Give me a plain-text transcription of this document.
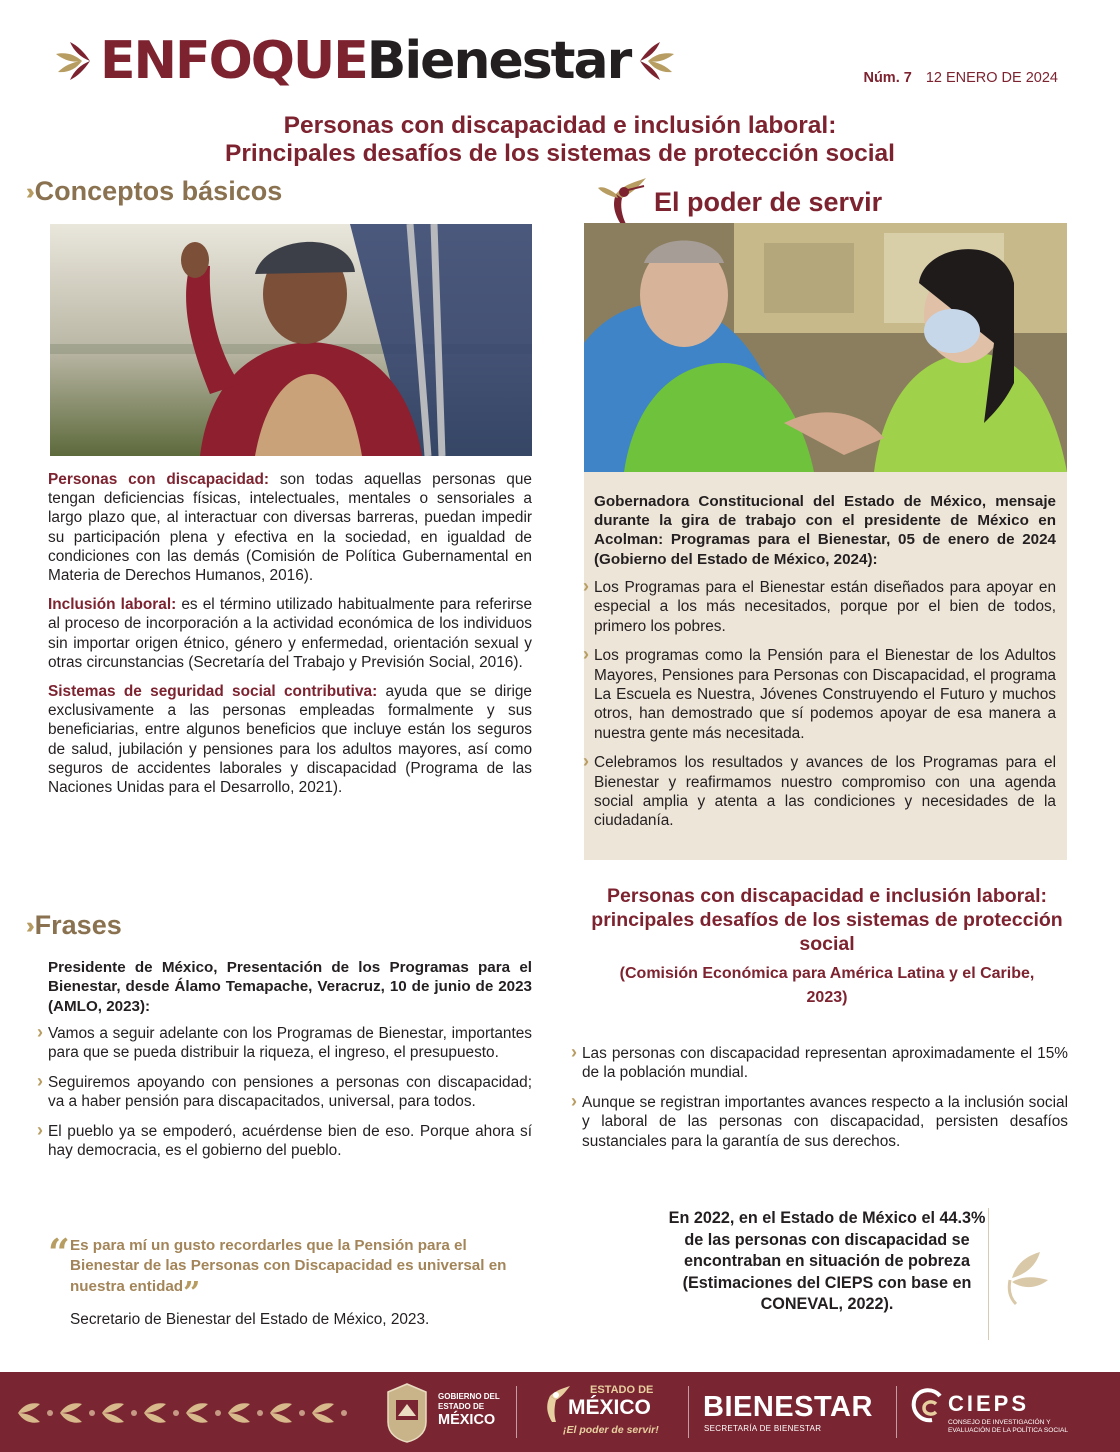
ENFOQUEBienestar	Núm. 7 12 ENERO DE 2024
Personas con discapacidad e inclusión laboral:
Principales desafíos de los sistemas de protección social
›› Conceptos básicos
Personas con discapacidad: son todas aquellas personas que tengan deficiencias físicas, intelectuales, mentales o sensoriales a largo plazo que, al interactuar con diversas barreras, puedan impedir su participación plena y efectiva en la sociedad, en igualdad de condiciones con las demás (Comisión de Política Gubernamental en Materia de Derechos Humanos, 2016).
Inclusión laboral: es el término utilizado habitualmente para referirse al proceso de incorporación a la actividad económica de los individuos sin importar origen étnico, género y enfermedad, orientación sexual y otras circunstancias (Secretaría del Trabajo y Previsión Social, 2016).
Sistemas de seguridad social contributiva: ayuda que se dirige exclusivamente a las personas empleadas formalmente y sus beneficiarias, entre algunos beneficios que incluye están los seguros de salud, jubilación y pensiones para los adultos mayores, así como seguros de accidentes laborales y discapacidad (Programa de las Naciones Unidas para el Desarrollo, 2021).
›› Frases
Presidente de México, Presentación de los Programas para el Bienestar, desde Álamo Temapache, Veracruz, 10 de junio de 2023 (AMLO, 2023):
› Vamos a seguir adelante con los Programas de Bienestar, importantes para que se pueda distribuir la riqueza, el ingreso, el presupuesto.
› Seguiremos apoyando con pensiones a personas con discapacidad; va a haber pensión para discapacitados, universal, para todos.
› El pueblo ya se empoderó, acuérdense bien de eso. Porque ahora sí hay democracia, es el gobierno del pueblo.
“ Es para mí un gusto recordarles que la Pensión para el Bienestar de las Personas con Discapacidad es universal en nuestra entidad”
Secretario de Bienestar del Estado de México, 2023.
El poder de servir
Gobernadora Constitucional del Estado de México, mensaje durante la gira de trabajo con el presidente de México en Acolman: Programas para el Bienestar, 05 de enero de 2024 (Gobierno del Estado de México, 2024):
› Los Programas para el Bienestar están diseñados para apoyar en especial a los más necesitados, porque por el bien de todos, primero los pobres.
› Los programas como la Pensión para el Bienestar de los Adultos Mayores, Pensiones para Personas con Discapacidad, el programa La Escuela es Nuestra, Jóvenes Construyendo el Futuro y muchos otros, han demostrado que sí podemos apoyar de esa manera a nuestra gente más necesitada.
› Celebramos los resultados y avances de los Programas para el Bienestar y reafirmamos nuestro compromiso con una agenda social amplia y atenta a las condiciones y necesidades de la ciudadanía.
Personas con discapacidad e inclusión laboral: principales desafíos de los sistemas de protección social
(Comisión Económica para América Latina y el Caribe, 2023)
› Las personas con discapacidad representan aproximadamente el 15% de la población mundial.
› Aunque se registran importantes avances respecto a la inclusión social y laboral de las personas con discapacidad, persisten desafíos sustanciales para la garantía de sus derechos.
En 2022, en el Estado de México el 44.3% de las personas con discapacidad se encontraban en situación de pobreza (Estimaciones del CIEPS con base en CONEVAL, 2022).
GOBIERNO DEL
ESTADO DE
MÉXICO
ESTADO DE
MÉXICO
¡El poder de servir!
BIENESTAR
SECRETARÍA DE BIENESTAR
CIEPS
CONSEJO DE INVESTIGACIÓN Y EVALUACIÓN DE LA POLÍTICA SOCIAL
